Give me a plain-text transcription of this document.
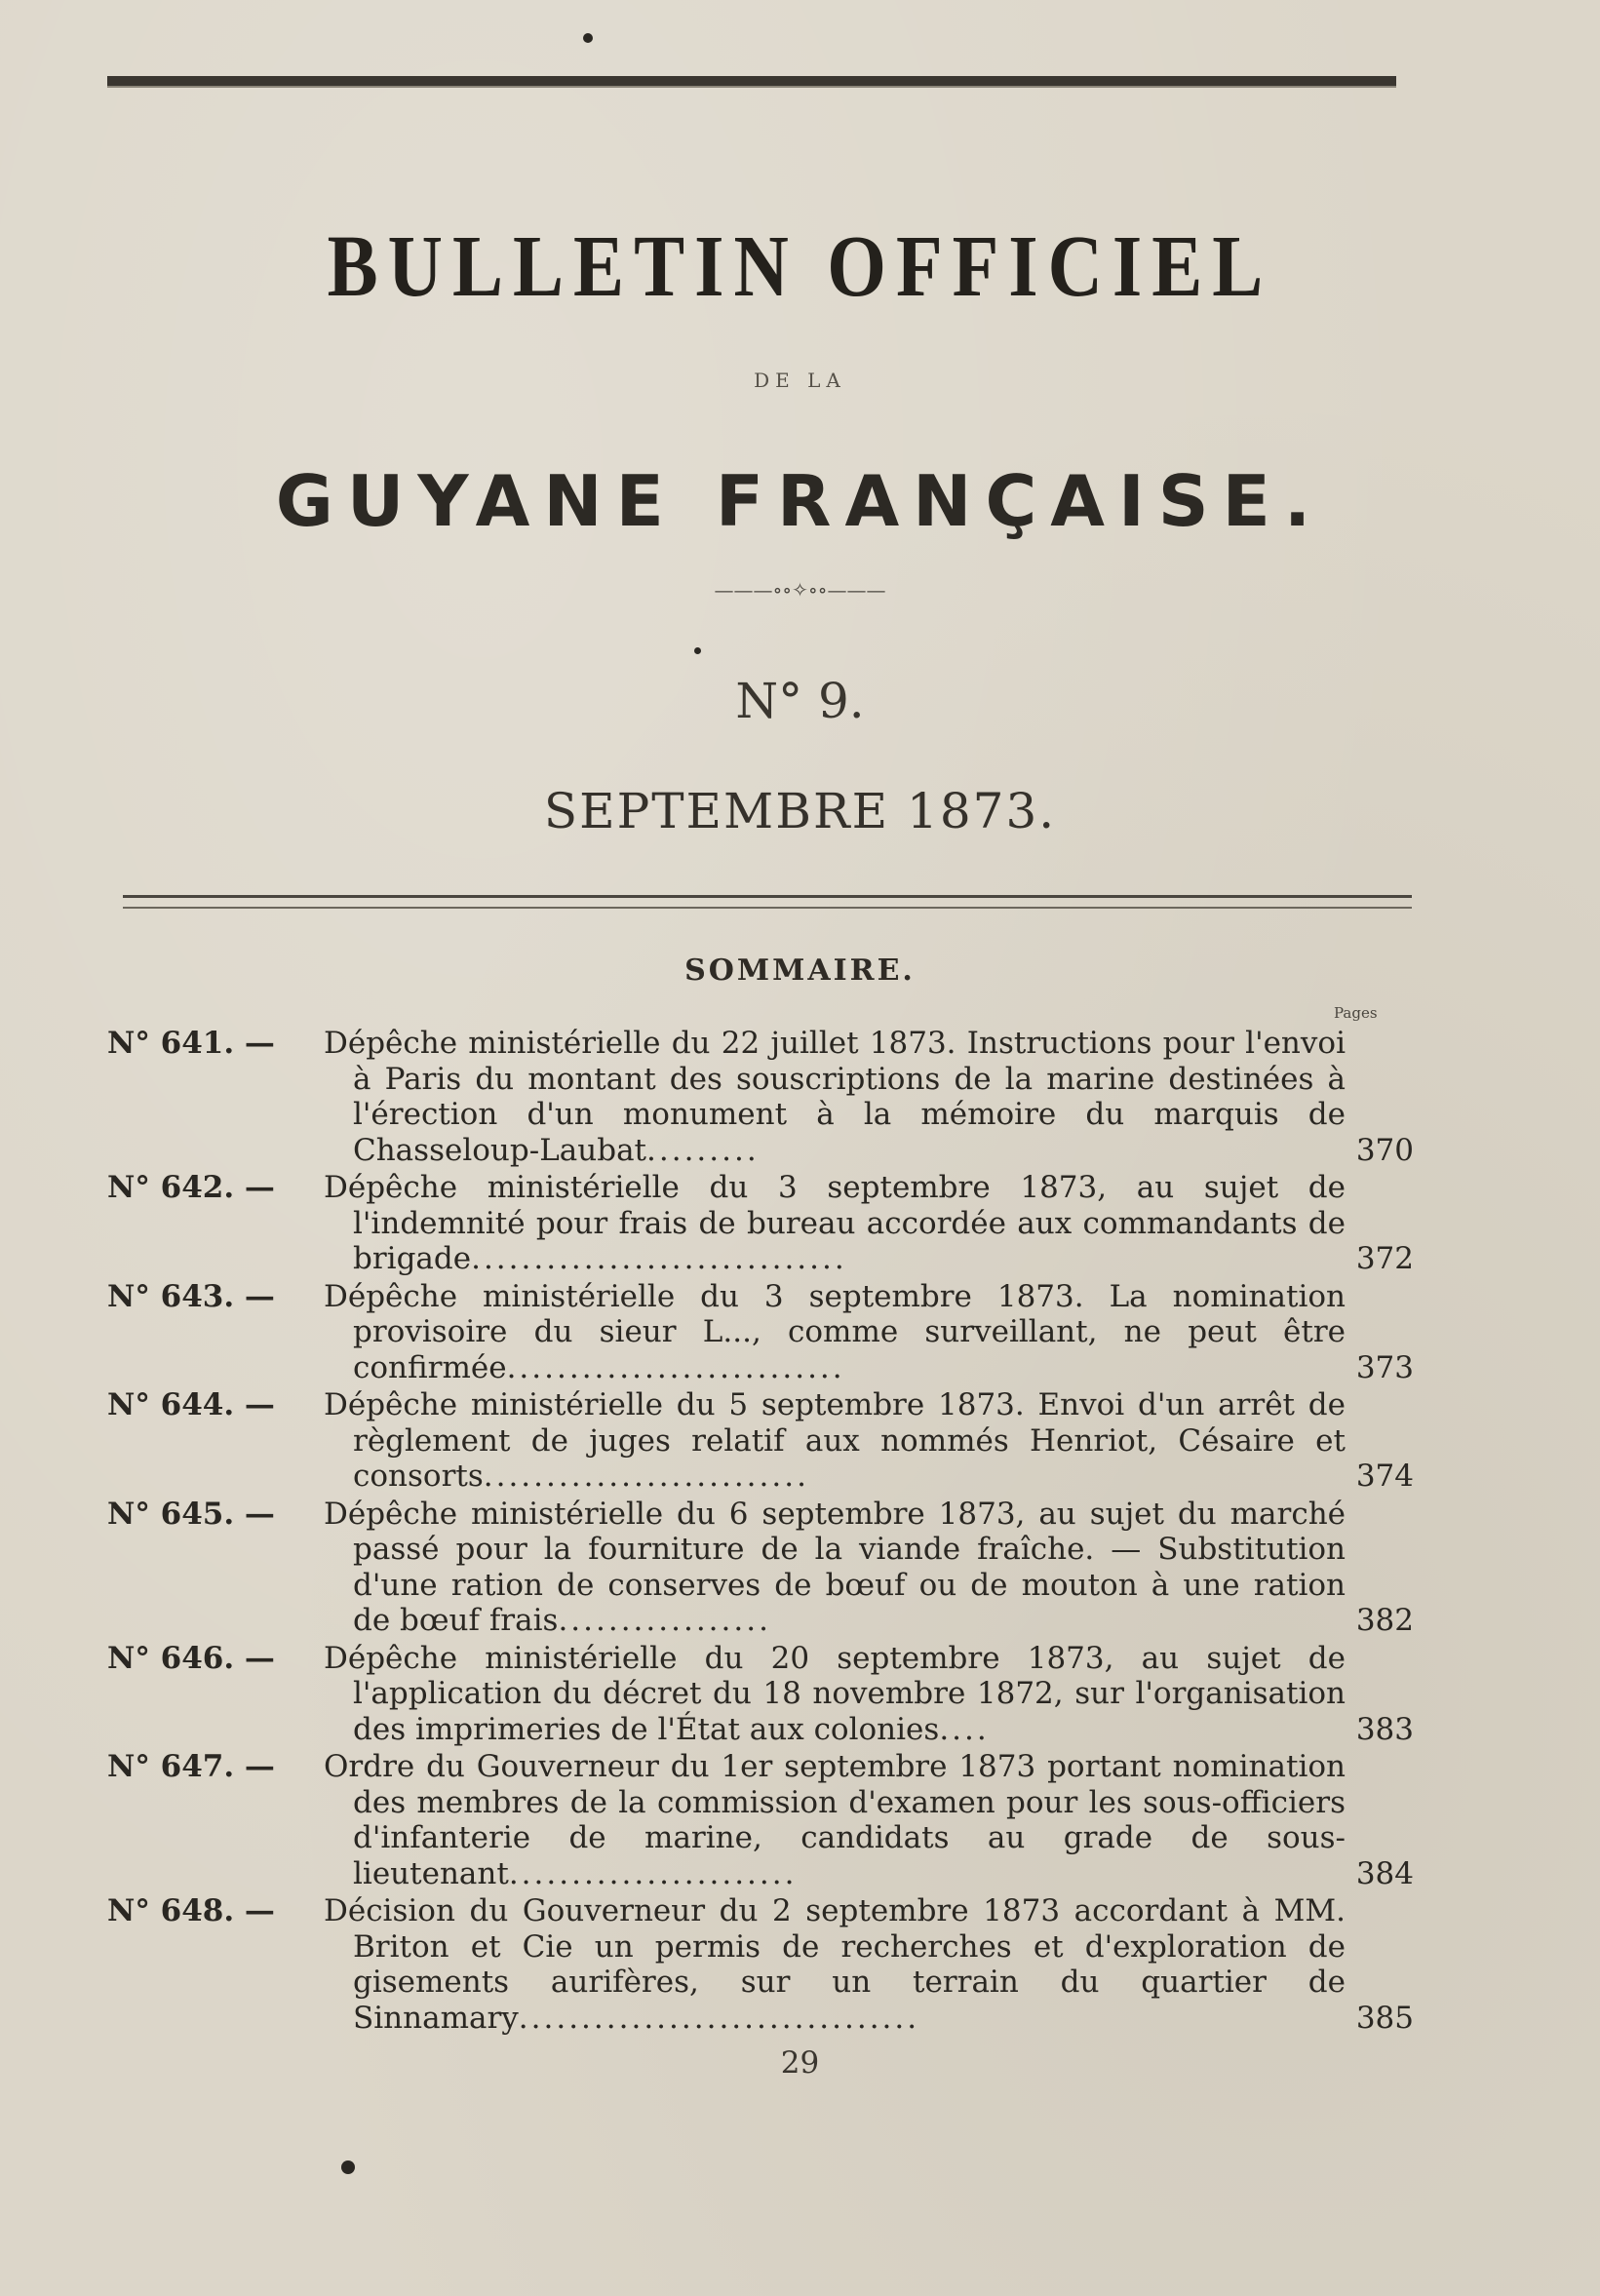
BULLETIN OFFICIEL
DE LA
GUYANE FRANÇAISE.
———∘∘✧∘∘———
N° 9.
SEPTEMBRE 1873.
SOMMAIRE.
Pages
N° 641. — Dépêche ministérielle du 22 juillet 1873. Instructions pour l'envoi à Paris du montant des souscriptions de la marine destinées à l'érection d'un monument à la mémoire du marquis de Chasseloup-Laubat.........	370
N° 642. — Dépêche ministérielle du 3 septembre 1873, au sujet de l'indemnité pour frais de bureau accordée aux commandants de brigade..............................	372
N° 643. — Dépêche ministérielle du 3 septembre 1873. La nomination provisoire du sieur L..., comme surveillant, ne peut être confirmée...........................	373
N° 644. — Dépêche ministérielle du 5 septembre 1873. Envoi d'un arrêt de règlement de juges relatif aux nommés Henriot, Césaire et consorts..........................	374
N° 645. — Dépêche ministérielle du 6 septembre 1873, au sujet du marché passé pour la fourniture de la viande fraîche. — Substitution d'une ration de conserves de bœuf ou de mouton à une ration de bœuf frais.................	382
N° 646. — Dépêche ministérielle du 20 septembre 1873, au sujet de l'application du décret du 18 novembre 1872, sur l'organisation des imprimeries de l'État aux colonies....	383
N° 647. — Ordre du Gouverneur du 1er septembre 1873 portant nomination des membres de la commission d'examen pour les sous-officiers d'infanterie de marine, candidats au grade de sous-lieutenant.......................	384
N° 648. — Décision du Gouverneur du 2 septembre 1873 accordant à MM. Briton et Cie un permis de recherches et d'exploration de gisements aurifères, sur un terrain du quartier de Sinnamary................................	385
29
